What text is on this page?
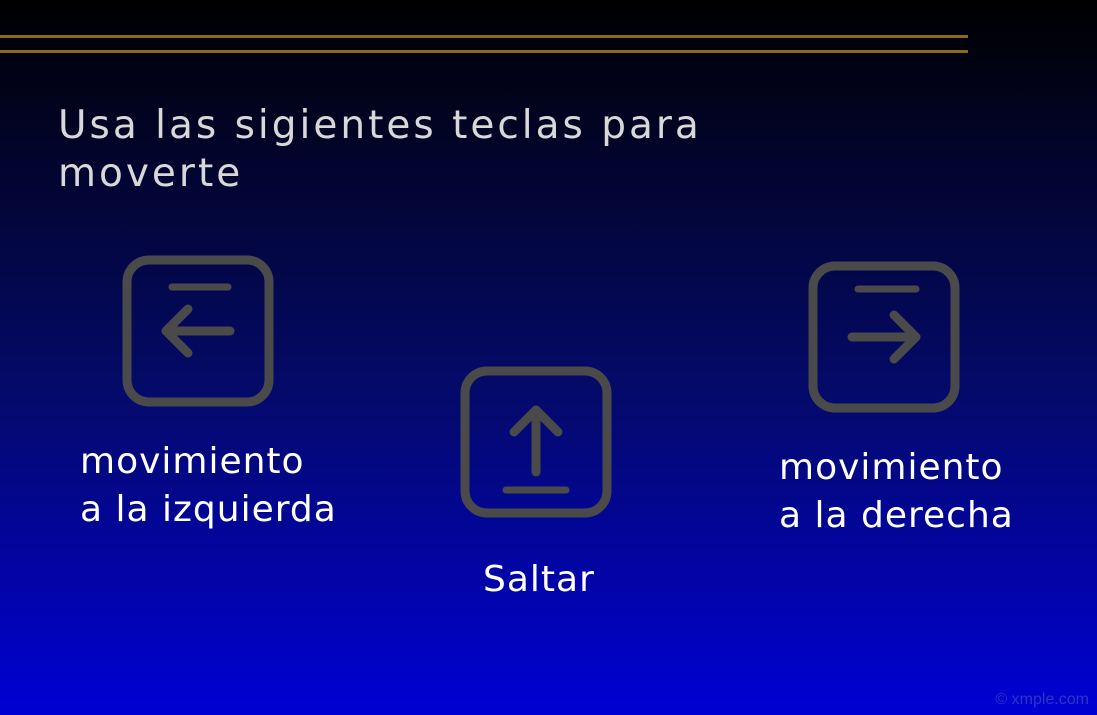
Usa las sigientes teclas para moverte
movimiento
a la izquierda
Saltar
movimiento
a la derecha
© xmple.com
